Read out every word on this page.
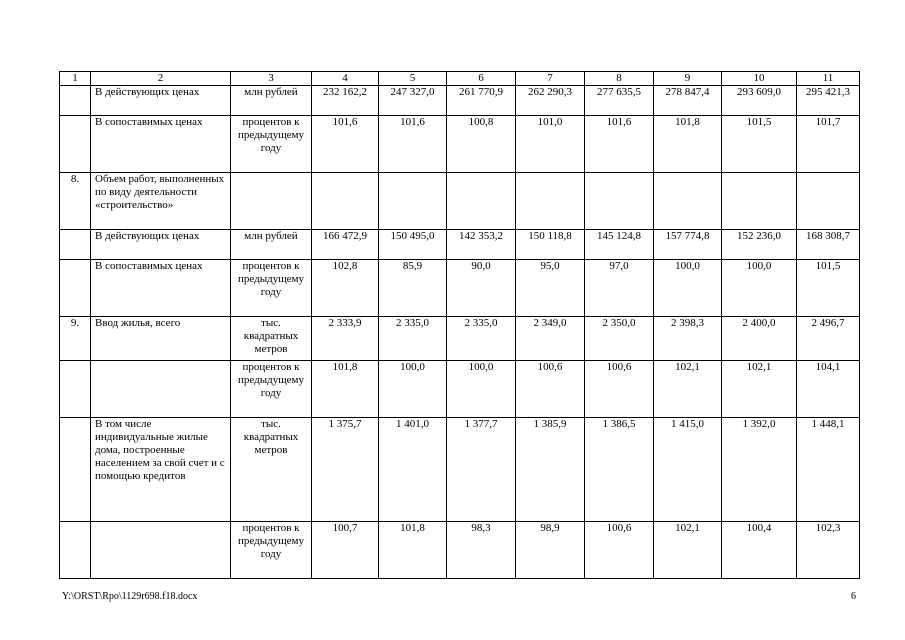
1	2	3	4	5	6	7	8	9	10	11
	В действующих ценах	млн рублей	232 162,2	247 327,0	261 770,9	262 290,3	277 635,5	278 847,4	293 609,0	295 421,3
	В сопоставимых ценах	процентов к предыдущему году	101,6	101,6	100,8	101,0	101,6	101,8	101,5	101,7
8.	Объем работ, выполненных по виду деятельности «строительство»									
	В действующих ценах	млн рублей	166 472,9	150 495,0	142 353,2	150 118,8	145 124,8	157 774,8	152 236,0	168 308,7
	В сопоставимых ценах	процентов к предыдущему году	102,8	85,9	90,0	95,0	97,0	100,0	100,0	101,5
9.	Ввод жилья, всего	тыс. квадратных метров	2 333,9	2 335,0	2 335,0	2 349,0	2 350,0	2 398,3	2 400,0	2 496,7
		процентов к предыдущему году	101,8	100,0	100,0	100,6	100,6	102,1	102,1	104,1
	В том числе индивидуальные жилые дома, построенные населением за свой счет и с помощью кредитов	тыс. квадратных метров	1 375,7	1 401,0	1 377,7	1 385,9	1 386,5	1 415,0	1 392,0	1 448,1
		процентов к предыдущему году	100,7	101,8	98,3	98,9	100,6	102,1	100,4	102,3
Y:\ORST\Rpo\1129r698.f18.docx	6
